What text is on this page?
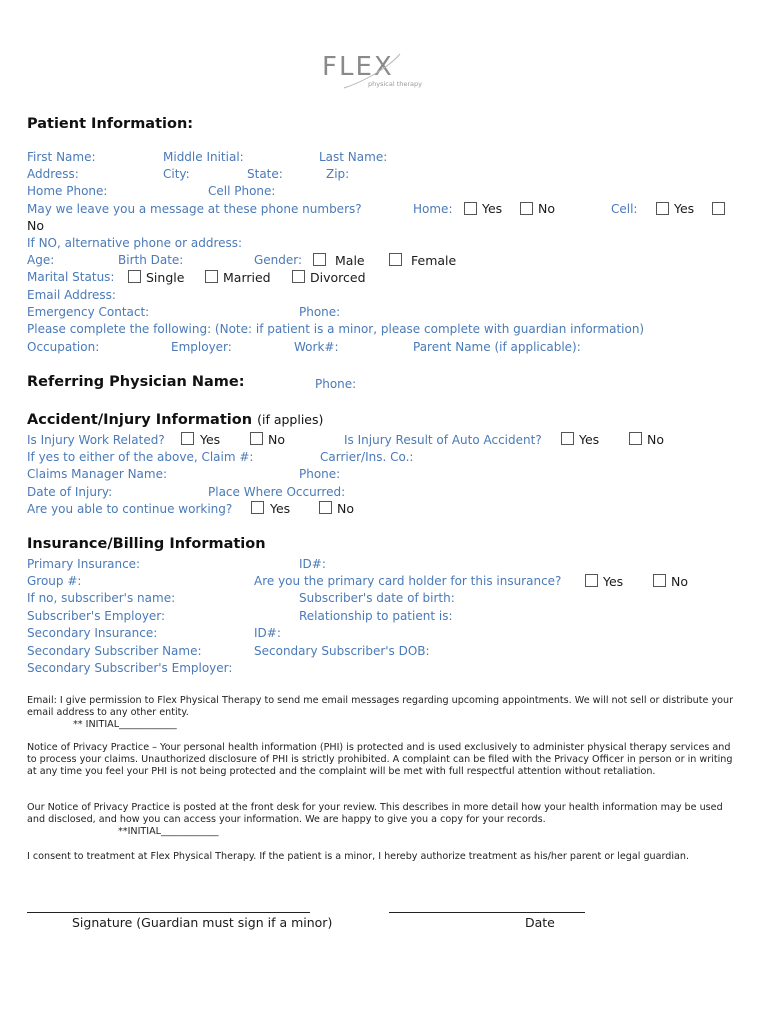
FLEX
physical therapy
Patient Information:
First Name:	Middle Initial:	Last Name:
Address:	City:	State:	Zip:
Home Phone:	Cell Phone:
May we leave you a message at these phone numbers?	Home: Yes	No	Cell:	Yes
No
If NO, alternative phone or address:
Age:	Birth Date:	Gender:	Male	Female
Marital Status:	Single	Married	Divorced
Email Address:
Emergency Contact:	Phone:
Please complete the following: (Note: if patient is a minor, please complete with guardian information)
Occupation:	Employer:	Work#:	Parent Name (if applicable):
Referring Physician Name:	Phone:
Accident/Injury Information (if applies)
Is Injury Work Related?	Yes	No	Is Injury Result of Auto Accident?	Yes	No
If yes to either of the above, Claim #:	Carrier/Ins. Co.:
Claims Manager Name:	Phone:
Date of Injury:	Place Where Occurred:
Are you able to continue working?	Yes	No
Insurance/Billing Information
Primary Insurance:	ID#:
Group #:	Are you the primary card holder for this insurance?	Yes	No
If no, subscriber's name:	Subscriber's date of birth:
Subscriber's Employer:	Relationship to patient is:
Secondary Insurance:	ID#:
Secondary Subscriber Name:	Secondary Subscriber's DOB:
Secondary Subscriber's Employer:
Email: I give permission to Flex Physical Therapy to send me email messages regarding upcoming appointments. We will not sell or distribute your email address to any other entity.
** INITIAL____________
Notice of Privacy Practice – Your personal health information (PHI) is protected and is used exclusively to administer physical therapy services and to process your claims. Unauthorized disclosure of PHI is strictly prohibited. A complaint can be filed with the Privacy Officer in person or in writing at any time you feel your PHI is not being protected and the complaint will be met with full respectful attention without retaliation.
Our Notice of Privacy Practice is posted at the front desk for your review. This describes in more detail how your health information may be used and disclosed, and how you can access your information. We are happy to give you a copy for your records.
**INITIAL____________
I consent to treatment at Flex Physical Therapy. If the patient is a minor, I hereby authorize treatment as his/her parent or legal guardian.
Signature (Guardian must sign if a minor)	Date
